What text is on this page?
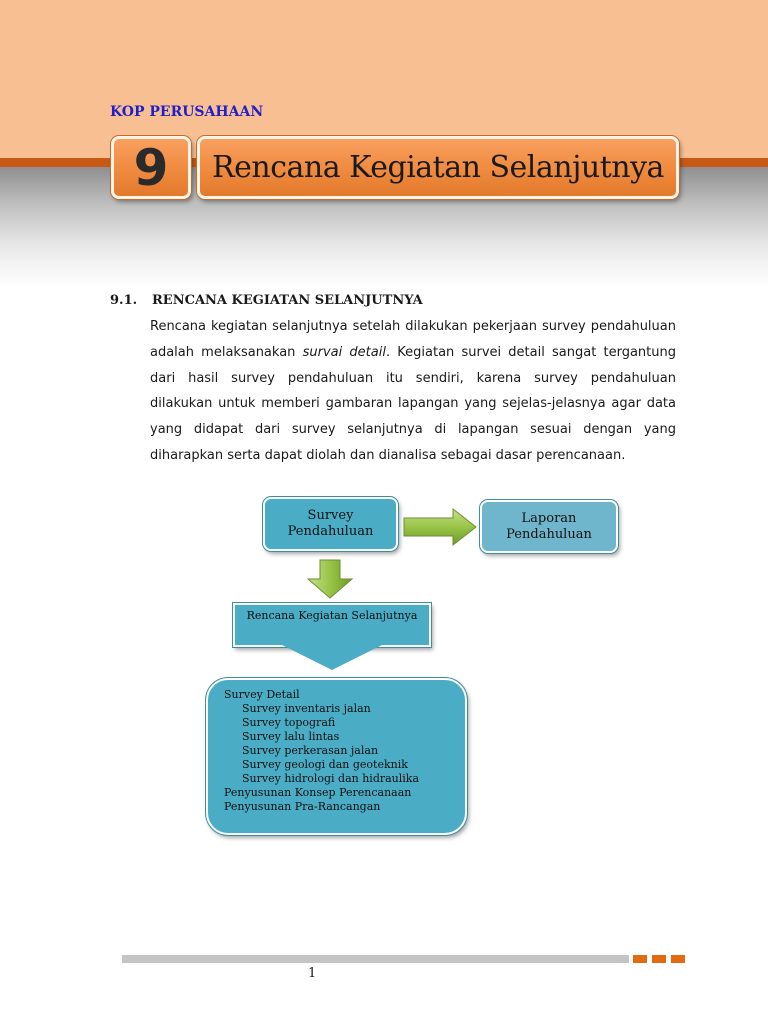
KOP PERUSAHAAN
9	Rencana Kegiatan Selanjutnya
9.1. RENCANA KEGIATAN SELANJUTNYA
Rencana kegiatan selanjutnya setelah dilakukan pekerjaan survey pendahuluan
adalah melaksanakan survai detail. Kegiatan survei detail sangat tergantung
dari hasil survey pendahuluan itu sendiri, karena survey pendahuluan
dilakukan untuk memberi gambaran lapangan yang sejelas-jelasnya agar data
yang didapat dari survey selanjutnya di lapangan sesuai dengan yang
diharapkan serta dapat diolah dan dianalisa sebagai dasar perencanaan.
Survey
Pendahuluan
Laporan
Pendahuluan
Rencana Kegiatan Selanjutnya
Survey Detail
Survey inventaris jalan
Survey topografi
Survey lalu lintas
Survey perkerasan jalan
Survey geologi dan geoteknik
Survey hidrologi dan hidraulika
Penyusunan Konsep Perencanaan
Penyusunan Pra-Rancangan
1
